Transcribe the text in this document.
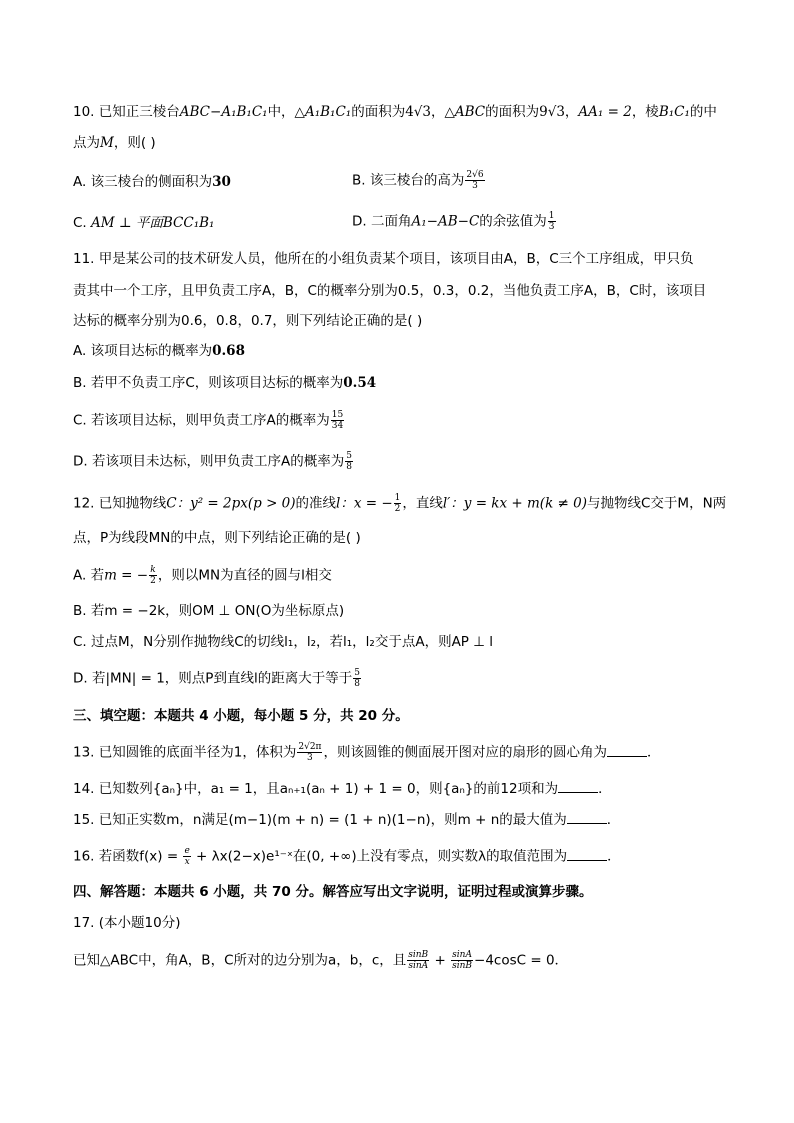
10. 已知正三棱台ABC−A₁B₁C₁中，△A₁B₁C₁的面积为4√3，△ABC的面积为9√3，AA₁ = 2，棱B₁C₁的中
点为M，则( )
A. 该三棱台的侧面积为30	B. 该三棱台的高为 $\frac{2√6}{3}$
C. AM ⊥ 平面BCC₁B₁	D. 二面角A₁−AB−C的余弦值为 $\frac{1}{3}$
11. 甲是某公司的技术研发人员，他所在的小组负责某个项目，该项目由A，B，C三个工序组成，甲只负
责其中一个工序，且甲负责工序A，B，C的概率分别为0.5，0.3，0.2，当他负责工序A，B，C时，该项目
达标的概率分别为0.6，0.8，0.7，则下列结论正确的是( )
A. 该项目达标的概率为0.68
B. 若甲不负责工序C，则该项目达标的概率为0.54
C. 若该项目达标，则甲负责工序A的概率为 $\frac{15}{34}$
D. 若该项目未达标，则甲负责工序A的概率为 $\frac{5}{8}$
12. 已知抛物线C：y² = 2px(p > 0)的准线l：x = − $\frac{1}{2}$ ，直线l′：y = kx + m(k ≠ 0)与抛物线C交于M，N两
点，P为线段MN的中点，则下列结论正确的是( )
A. 若m = − $\frac{k}{2}$ ，则以MN为直径的圆与l相交
B. 若m = −2k，则OM ⊥ ON(O为坐标原点)
C. 过点M，N分别作抛物线C的切线l₁，l₂，若l₁，l₂交于点A，则AP ⊥ l
D. 若|MN| = 1，则点P到直线l的距离大于等于 $\frac{5}{8}$
三、填空题：本题共 4 小题，每小题 5 分，共 20 分。
13. 已知圆锥的底面半径为1，体积为 $\frac{2√2\pi}{3}$ ，则该圆锥的侧面展开图对应的扇形的圆心角为	．
14. 已知数列{aₙ}中，a₁ = 1，且aₙ₊₁(aₙ + 1) + 1 = 0，则{aₙ}的前12项和为	．
15. 已知正实数m，n满足(m−1)(m + n) = (1 + n)(1−n)，则m + n的最大值为	．
16. 若函数$f(x) = \frac{e}{x}$ + λx(2−x)e¹⁻ˣ在(0, +∞)上没有零点，则实数λ的取值范围为	．
四、解答题：本题共 6 小题，共 70 分。解答应写出文字说明，证明过程或演算步骤。
17. (本小题10分)
已知△ABC中，角A，B，C所对的边分别为a，b，c，且 $\frac{\sin B}{\sin A} + \frac{\sin A}{\sin B} -4\cos C = 0$．
